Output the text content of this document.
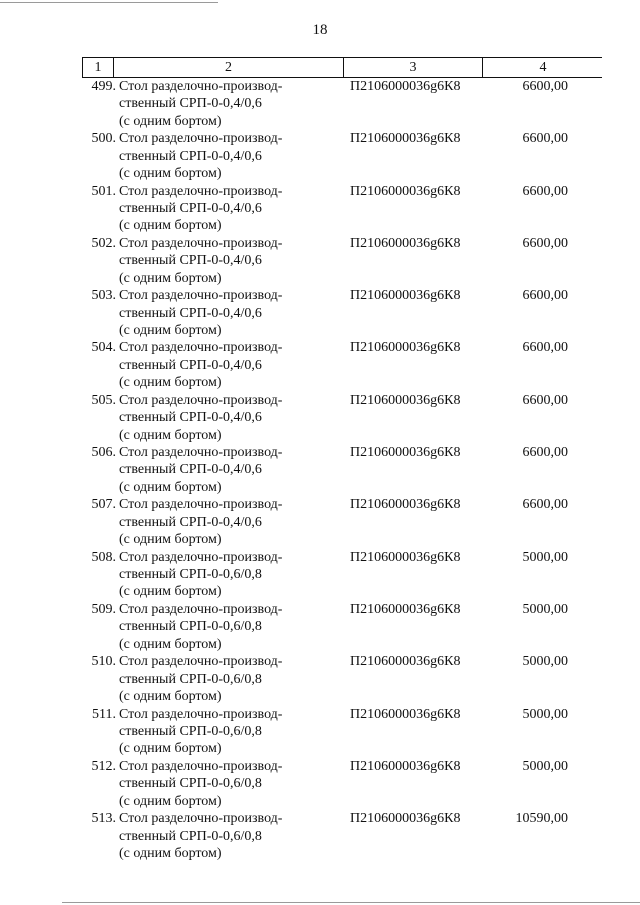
18
1	2	3	4
499. Стол разделочно-производ-
ственный СРП-0-0,4/0,6
(с одним бортом)
П2106000036g6К8	6600,00
500. Стол разделочно-производ-
ственный СРП-0-0,4/0,6
(с одним бортом)
П2106000036g6К8	6600,00
501. Стол разделочно-производ-
ственный СРП-0-0,4/0,6
(с одним бортом)
П2106000036g6К8	6600,00
502. Стол разделочно-производ-
ственный СРП-0-0,4/0,6
(с одним бортом)
П2106000036g6К8	6600,00
503. Стол разделочно-производ-
ственный СРП-0-0,4/0,6
(с одним бортом)
П2106000036g6К8	6600,00
504. Стол разделочно-производ-
ственный СРП-0-0,4/0,6
(с одним бортом)
П2106000036g6К8	6600,00
505. Стол разделочно-производ-
ственный СРП-0-0,4/0,6
(с одним бортом)
П2106000036g6К8	6600,00
506. Стол разделочно-производ-
ственный СРП-0-0,4/0,6
(с одним бортом)
П2106000036g6К8	6600,00
507. Стол разделочно-производ-
ственный СРП-0-0,4/0,6
(с одним бортом)
П2106000036g6К8	6600,00
508. Стол разделочно-производ-
ственный СРП-0-0,6/0,8
(с одним бортом)
П2106000036g6К8	5000,00
509. Стол разделочно-производ-
ственный СРП-0-0,6/0,8
(с одним бортом)
П2106000036g6К8	5000,00
510. Стол разделочно-производ-
ственный СРП-0-0,6/0,8
(с одним бортом)
П2106000036g6К8	5000,00
511. Стол разделочно-производ-
ственный СРП-0-0,6/0,8
(с одним бортом)
П2106000036g6К8	5000,00
512. Стол разделочно-производ-
ственный СРП-0-0,6/0,8
(с одним бортом)
П2106000036g6К8	5000,00
513. Стол разделочно-производ-
ственный СРП-0-0,6/0,8
(с одним бортом)
П2106000036g6К8	10590,00
